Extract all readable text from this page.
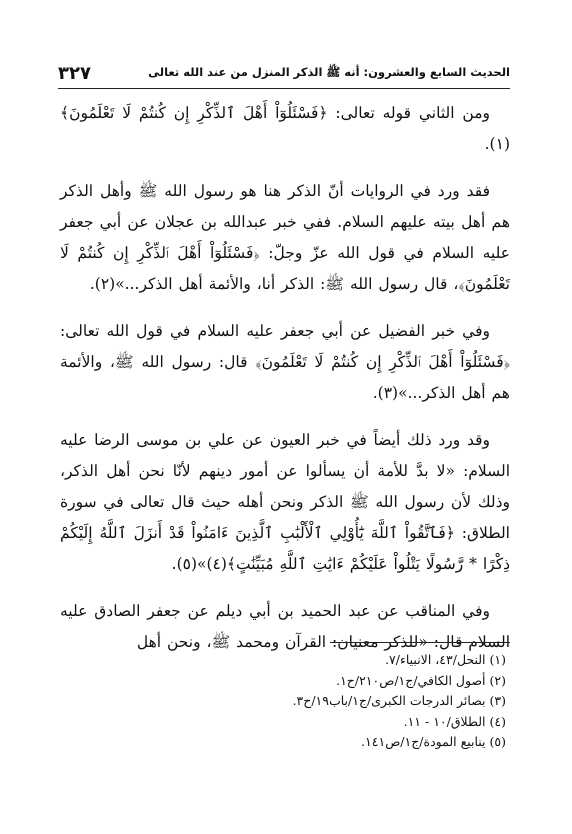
٣٢٧	الحديث السابع والعشرون: أنه ﷺ الذكر المنزل من عند الله تعالى

ومن الثاني قوله تعالى: ﴿فَسْئَلُوٓاْ أَهْلَ ٱلذِّكْرِ إِن كُنتُمْ لَا تَعْلَمُونَ﴾(١).

فقد ورد في الروايات أنّ الذكر هنا هو رسول الله ﷺ وأهل الذكر هم أهل بيته عليهم السلام. ففي خبر عبدالله بن عجلان عن أبي جعفر عليه السلام في قول الله عزّ وجلّ: ﴿فَسْئَلُوٓاْ أَهْلَ ٱلذِّكْرِ إِن كُنتُمْ لَا تَعْلَمُونَ﴾، قال رسول الله ﷺ: الذكر أنا، والأئمة أهل الذكر...»(٢).

وفي خبر الفضيل عن أبي جعفر عليه السلام في قول الله تعالى: ﴿فَسْئَلُوٓاْ أَهْلَ ٱلذِّكْرِ إِن كُنتُمْ لَا تَعْلَمُونَ﴾ قال: رسول الله ﷺ، والأئمة هم أهل الذكر...»(٣).

وقد ورد ذلك أيضاً في خبر العيون عن علي بن موسى الرضا عليه السلام: «لا بدَّ للأمة أن يسألوا عن أمور دينهم لأنّا نحن أهل الذكر، وذلك لأن رسول الله ﷺ الذكر ونحن أهله حيث قال تعالى في سورة الطلاق: ﴿فَٱتَّقُواْ ٱللَّهَ يَٰٓأُوْلِي ٱلْأَلْبَٰبِ ٱلَّذِينَ ءَامَنُواْ قَدْ أَنزَلَ ٱللَّهُ إِلَيْكُمْ ذِكْرًا * رَّسُولًا يَتْلُواْ عَلَيْكُمْ ءَايَٰتِ ٱللَّهِ مُبَيِّنَٰتٍ﴾(٤)»(٥).

وفي المناقب عن عبد الحميد بن أبي ديلم عن جعفر الصادق عليه السلام قال: «للذكر معنيان: القرآن ومحمد ﷺ، ونحن أهل

(١) النحل/٤٣، الانبياء/٧.

(٢) أصول الكافي/ج١/ص٢١٠/ح١.

(٣) بصائر الدرجات الكبرى/ج١/باب١٩/ح٣.

(٤) الطلاق/١٠ - ١١.

(٥) ينابيع المودة/ج١/ص١٤١.
